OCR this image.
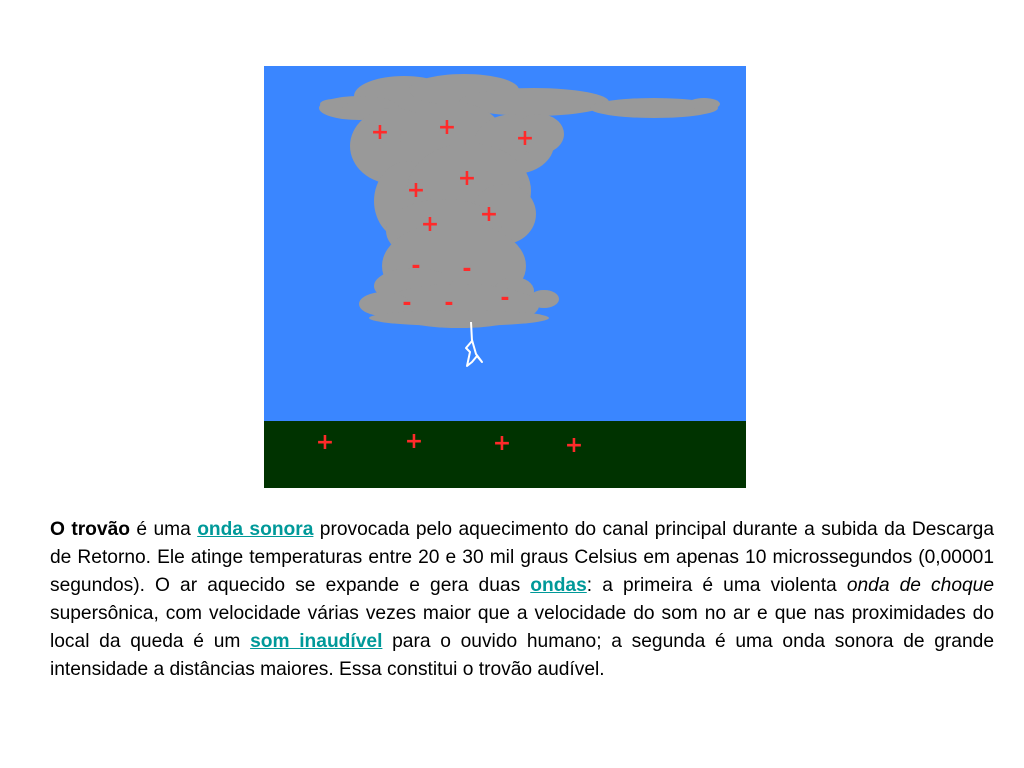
+ +	+
+ +
+ +
- -
- - -
+	+	+ +

O trovão é uma onda sonora provocada pelo aquecimento do canal principal durante a subida da Descarga de Retorno. Ele atinge temperaturas entre 20 e 30 mil graus Celsius em apenas 10 microssegundos (0,00001 segundos). O ar aquecido se expande e gera duas ondas: a primeira é uma violenta onda de choque supersônica, com velocidade várias vezes maior que a velocidade do som no ar e que nas proximidades do local da queda é um som inaudível para o ouvido humano; a segunda é uma onda sonora de grande intensidade a distâncias maiores. Essa constitui o trovão audível.
